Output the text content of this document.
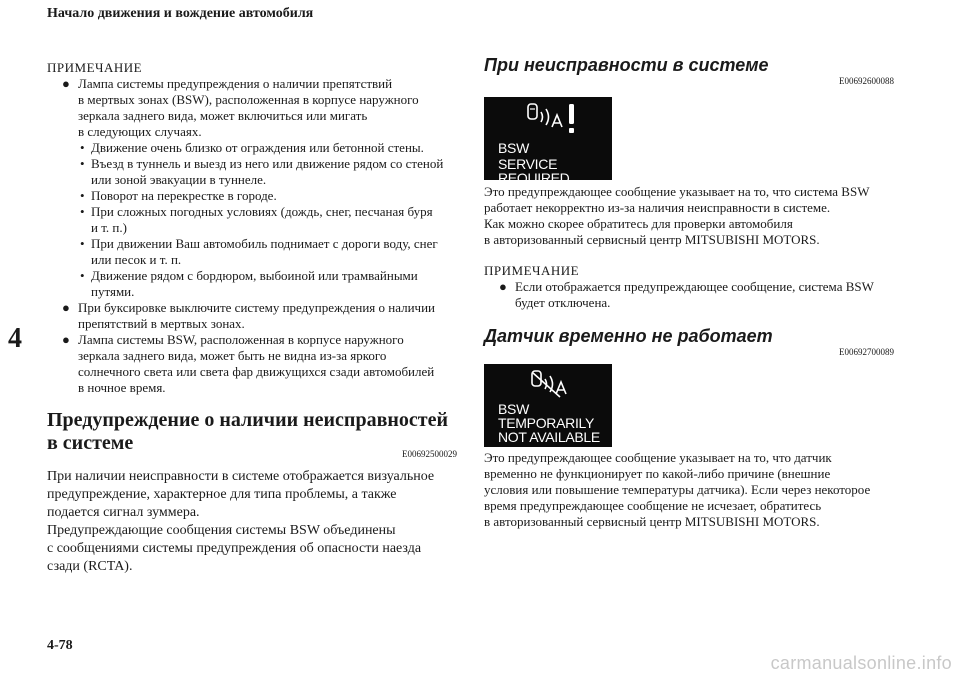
Начало движения и вождение автомобиля
4
4-78
carmanualsonline.info
ПРИМЕЧАНИЕ
● Лампа системы предупреждения о наличии препятствий
в мертвых зонах (BSW), расположенная в корпусе наружного
зеркала заднего вида, может включиться или мигать
в следующих случаях.
• Движение очень близко от ограждения или бетонной стены.
• Въезд в туннель и выезд из него или движение рядом со стеной
или зоной эвакуации в туннеле.
• Поворот на перекрестке в городе.
• При сложных погодных условиях (дождь, снег, песчаная буря
и т. п.)
• При движении Ваш автомобиль поднимает с дороги воду, снег
или песок и т. п.
• Движение рядом с бордюром, выбоиной или трамвайными
путями.
● При буксировке выключите систему предупреждения о наличии
препятствий в мертвых зонах.
● Лампа системы BSW, расположенная в корпусе наружного
зеркала заднего вида, может быть не видна из-за яркого
солнечного света или света фар движущихся сзади автомобилей
в ночное время.
Предупреждение о наличии неисправностей
в системе	E00692500029
При наличии неисправности в системе отображается визуальное
предупреждение, характерное для типа проблемы, а также
подается сигнал зуммера.
Предупреждающие сообщения системы BSW объединены
с сообщениями системы предупреждения об опасности наезда
сзади (RCTA).
При неисправности в системе
E00692600088
BSW
SERVICE REQUIRED
Это предупреждающее сообщение указывает на то, что система BSW
работает некорректно из-за наличия неисправности в системе.
Как можно скорее обратитесь для проверки автомобиля
в авторизованный сервисный центр MITSUBISHI MOTORS.
ПРИМЕЧАНИЕ
● Если отображается предупреждающее сообщение, система BSW
будет отключена.
Датчик временно не работает
E00692700089
BSW
TEMPORARILY
NOT AVAILABLE
Это предупреждающее сообщение указывает на то, что датчик
временно не функционирует по какой-либо причине (внешние
условия или повышение температуры датчика). Если через некоторое
время предупреждающее сообщение не исчезает, обратитесь
в авторизованный сервисный центр MITSUBISHI MOTORS.
